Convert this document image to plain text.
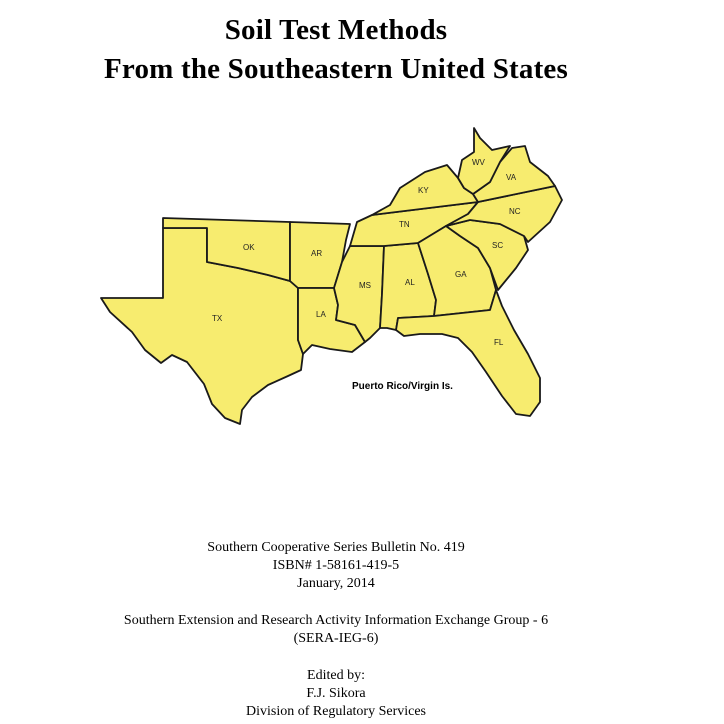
Soil Test Methods
From the Southeastern United States
OK
AR
TX	LA
MS	AL
TN
KY
GA
SC
NC
VA
WV
FL
Puerto Rico/Virgin Is.
Southern Cooperative Series Bulletin No. 419
ISBN# 1-58161-419-5
January, 2014
Southern Extension and Research Activity Information Exchange Group - 6
(SERA-IEG-6)
Edited by:
F.J. Sikora
Division of Regulatory Services
